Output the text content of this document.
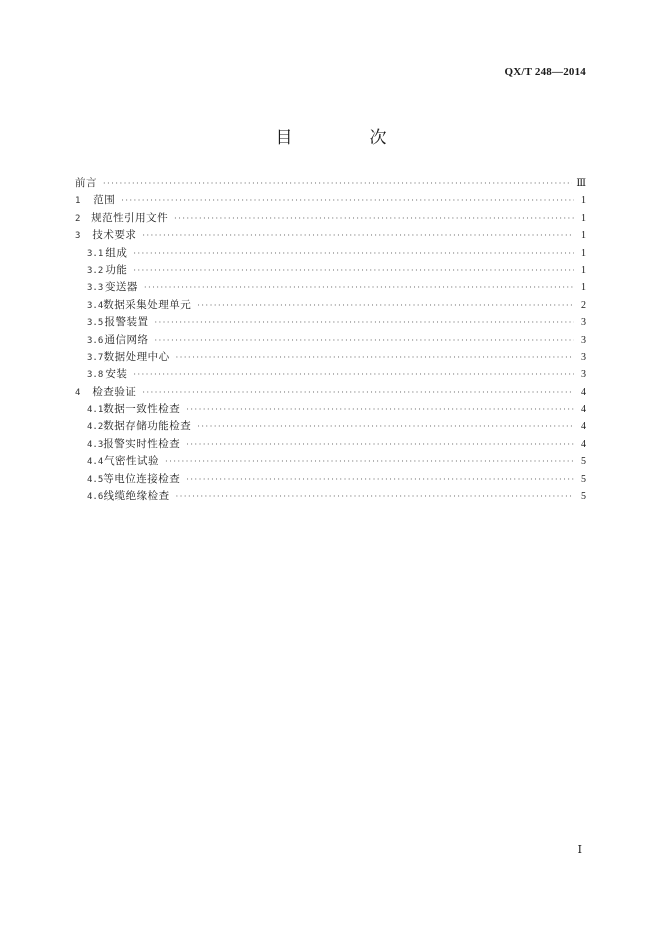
QX/T 248—2014
目　次
前言 ·····	Ⅲ
1	范围 ·····	1
2	规范性引用文件 ·····	1
3	技术要求 ·····	1
3.1 组成 ·····	1
3.2 功能 ·····	1
3.3 变送器 ·····	1
3.4 数据采集处理单元 ·····	2
3.5 报警装置 ·····	3
3.6 通信网络 ·····	3
3.7 数据处理中心 ·····	3
3.8 安装 ·····	3
4	检查验证 ·····	4
4.1 数据一致性检查 ·····	4
4.2 数据存储功能检查 ·····	4
4.3 报警实时性检查 ·····	4
4.4 气密性试验 ·····	5
4.5 等电位连接检查 ·····	5
4.6 线缆绝缘检查 ·····	5
Ⅰ
